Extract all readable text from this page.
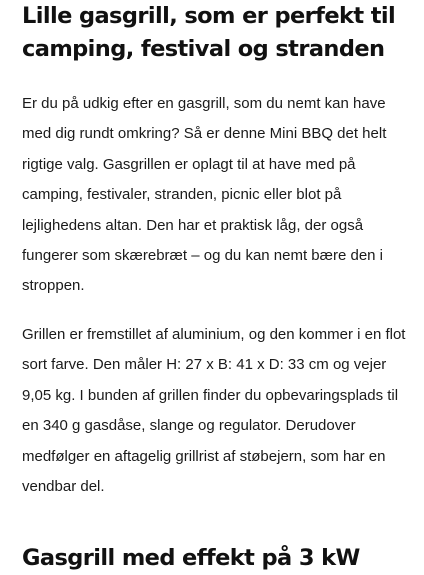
Lille gasgrill, som er perfekt til camping, festival og stranden

Er du på udkig efter en gasgrill, som du nemt kan have med dig rundt omkring? Så er denne Mini BBQ det helt rigtige valg. Gasgrillen er oplagt til at have med på camping, festivaler, stranden, picnic eller blot på lejlighedens altan. Den har et praktisk låg, der også fungerer som skærebræt – og du kan nemt bære den i stroppen.

Grillen er fremstillet af aluminium, og den kommer i en flot sort farve. Den måler H: 27 x B: 41 x D: 33 cm og vejer 9,05 kg. I bunden af grillen finder du opbevaringsplads til en 340 g gasdåse, slange og regulator. Derudover medfølger en aftagelig grillrist af støbejern, som har en vendbar del.

Gasgrill med effekt på 3 kW
